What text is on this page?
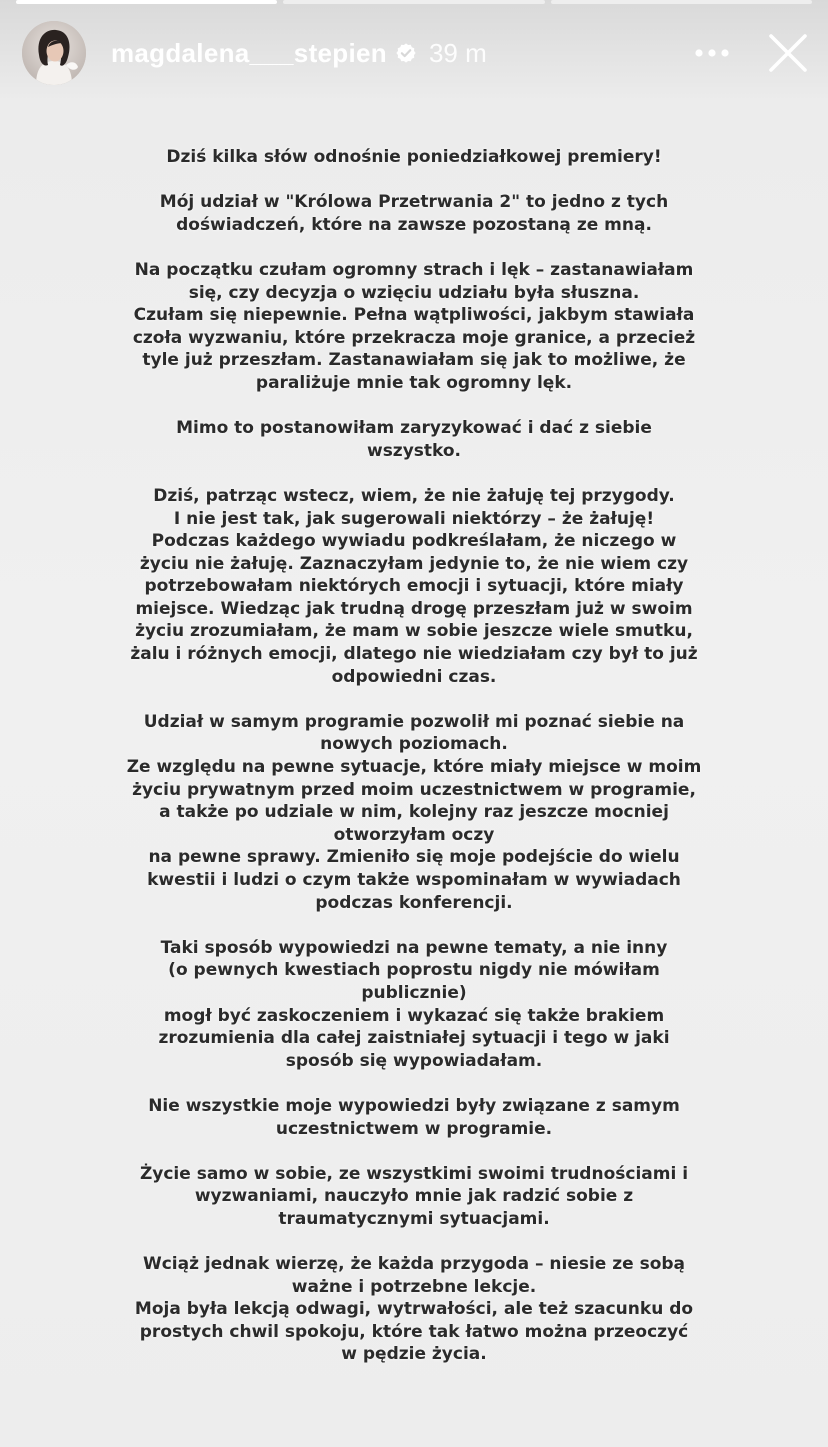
magdalena___stepien 39 m
Dziś kilka słów odnośnie poniedziałkowej premiery!
Mój udział w "Królowa Przetrwania 2" to jedno z tych
doświadczeń, które na zawsze pozostaną ze mną.
Na początku czułam ogromny strach i lęk – zastanawiałam
się, czy decyzja o wzięciu udziału była słuszna.
Czułam się niepewnie. Pełna wątpliwości, jakbym stawiała
czoła wyzwaniu, które przekracza moje granice, a przecież
tyle już przeszłam. Zastanawiałam się jak to możliwe, że
paraliżuje mnie tak ogromny lęk.
Mimo to postanowiłam zaryzykować i dać z siebie
wszystko.
Dziś, patrząc wstecz, wiem, że nie żałuję tej przygody.
I nie jest tak, jak sugerowali niektórzy – że żałuję!
Podczas każdego wywiadu podkreślałam, że niczego w
życiu nie żałuję. Zaznaczyłam jedynie to, że nie wiem czy
potrzebowałam niektórych emocji i sytuacji, które miały
miejsce. Wiedząc jak trudną drogę przeszłam już w swoim
życiu zrozumiałam, że mam w sobie jeszcze wiele smutku,
żalu i różnych emocji, dlatego nie wiedziałam czy był to już
odpowiedni czas.
Udział w samym programie pozwolił mi poznać siebie na
nowych poziomach.
Ze względu na pewne sytuacje, które miały miejsce w moim
życiu prywatnym przed moim uczestnictwem w programie,
a także po udziale w nim, kolejny raz jeszcze mocniej
otworzyłam oczy
na pewne sprawy. Zmieniło się moje podejście do wielu
kwestii i ludzi o czym także wspominałam w wywiadach
podczas konferencji.
Taki sposób wypowiedzi na pewne tematy, a nie inny
(o pewnych kwestiach poprostu nigdy nie mówiłam
publicznie)
mogł być zaskoczeniem i wykazać się także brakiem
zrozumienia dla całej zaistniałej sytuacji i tego w jaki
sposób się wypowiadałam.
Nie wszystkie moje wypowiedzi były związane z samym
uczestnictwem w programie.
Życie samo w sobie, ze wszystkimi swoimi trudnościami i
wyzwaniami, nauczyło mnie jak radzić sobie z
traumatycznymi sytuacjami.
Wciąż jednak wierzę, że każda przygoda – niesie ze sobą
ważne i potrzebne lekcje.
Moja była lekcją odwagi, wytrwałości, ale też szacunku do
prostych chwil spokoju, które tak łatwo można przeoczyć
w pędzie życia.
